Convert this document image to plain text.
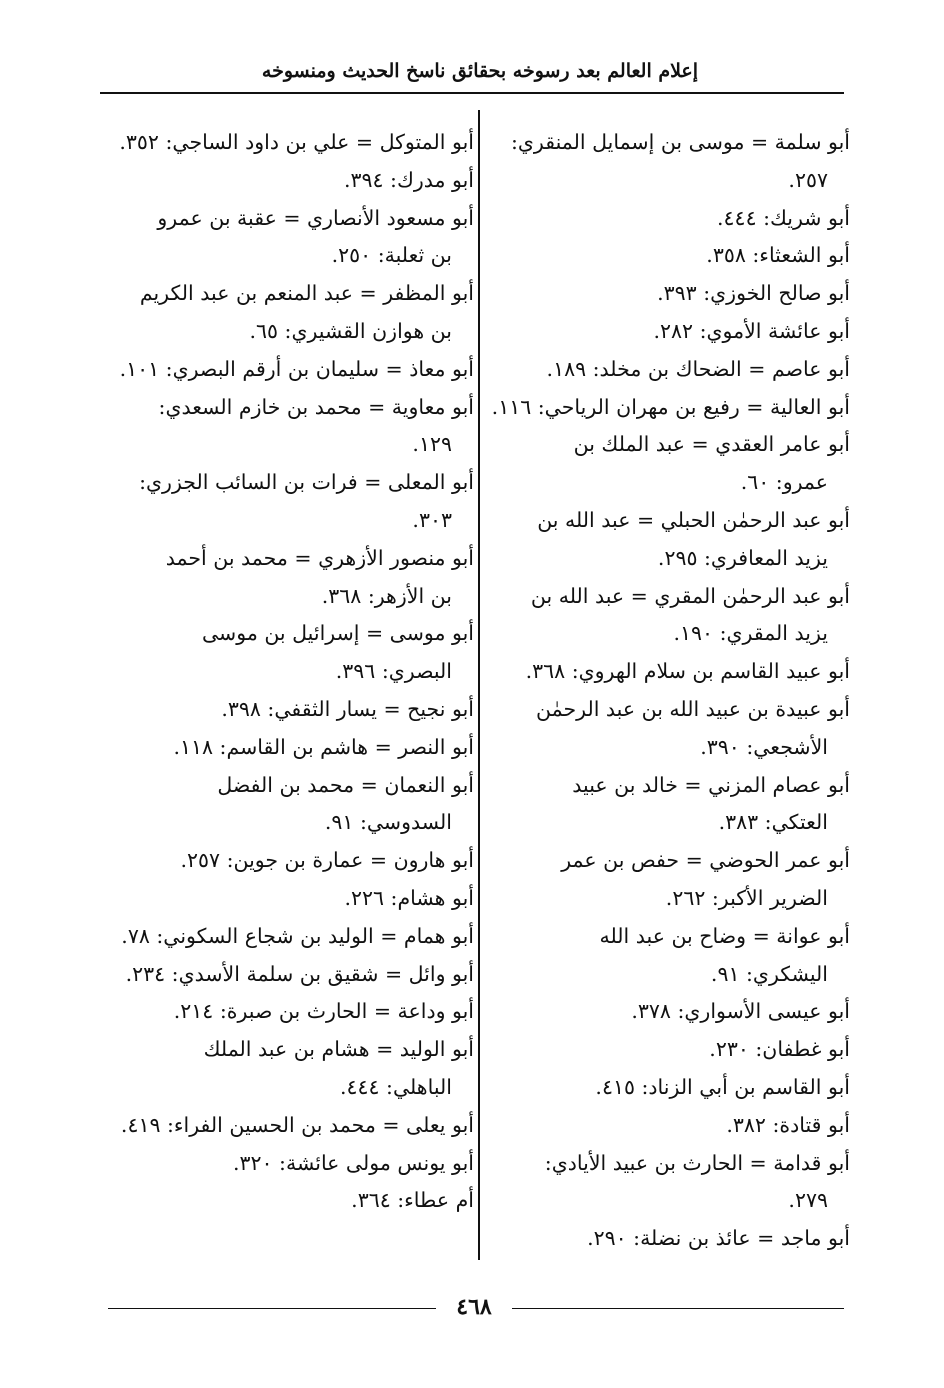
إعلام العالم بعد رسوخه بحقائق ناسخ الحديث ومنسوخه
أبو سلمة = موسى بن إسمايل المنقري:
٢٥٧.
أبو شريك: ٤٤٤.
أبو الشعثاء: ٣٥٨.
أبو صالح الخوزي: ٣٩٣.
أبو عائشة الأموي: ٢٨٢.
أبو عاصم = الضحاك بن مخلد: ١٨٩.
أبو العالية = رفيع بن مهران الرياحي: ١١٦.
أبو عامر العقدي = عبد الملك بن
عمرو: ٦٠.
أبو عبد الرحمٰن الحبلي = عبد الله بن
يزيد المعافري: ٢٩٥.
أبو عبد الرحمٰن المقري = عبد الله بن
يزيد المقري: ١٩٠.
أبو عبيد القاسم بن سلام الهروي: ٣٦٨.
أبو عبيدة بن عبيد الله بن عبد الرحمٰن
الأشجعي: ٣٩٠.
أبو عصام المزني = خالد بن عبيد
العتكي: ٣٨٣.
أبو عمر الحوضي = حفص بن عمر
الضرير الأكبر: ٢٦٢.
أبو عوانة = وضاح بن عبد الله
اليشكري: ٩١.
أبو عيسى الأسواري: ٣٧٨.
أبو غطفان: ٢٣٠.
أبو القاسم بن أبي الزناد: ٤١٥.
أبو قتادة: ٣٨٢.
أبو قدامة = الحارث بن عبيد الأيادي:
٢٧٩.
أبو ماجد = عائذ بن نضلة: ٢٩٠.
أبو المتوكل = علي بن داود الساجي: ٣٥٢.
أبو مدرك: ٣٩٤.
أبو مسعود الأنصاري = عقبة بن عمرو
بن ثعلبة: ٢٥٠.
أبو المظفر = عبد المنعم بن عبد الكريم
بن هوازن القشيري: ٦٥.
أبو معاذ = سليمان بن أرقم البصري: ١٠١.
أبو معاوية = محمد بن خازم السعدي:
١٢٩.
أبو المعلى = فرات بن السائب الجزري:
٣٠٣.
أبو منصور الأزهري = محمد بن أحمد
بن الأزهر: ٣٦٨.
أبو موسى = إسرائيل بن موسى
البصري: ٣٩٦.
أبو نجيح = يسار الثقفي: ٣٩٨.
أبو النصر = هاشم بن القاسم: ١١٨.
أبو النعمان = محمد بن الفضل
السدوسي: ٩١.
أبو هارون = عمارة بن جوين: ٢٥٧.
أبو هشام: ٢٢٦.
أبو همام = الوليد بن شجاع السكوني: ٧٨.
أبو وائل = شقيق بن سلمة الأسدي: ٢٣٤.
أبو وداعة = الحارث بن صبرة: ٢١٤.
أبو الوليد = هشام بن عبد الملك
الباهلي: ٤٤٤.
أبو يعلى = محمد بن الحسين الفراء: ٤١٩.
أبو يونس مولى عائشة: ٣٢٠.
أم عطاء: ٣٦٤.
٤٦٨
